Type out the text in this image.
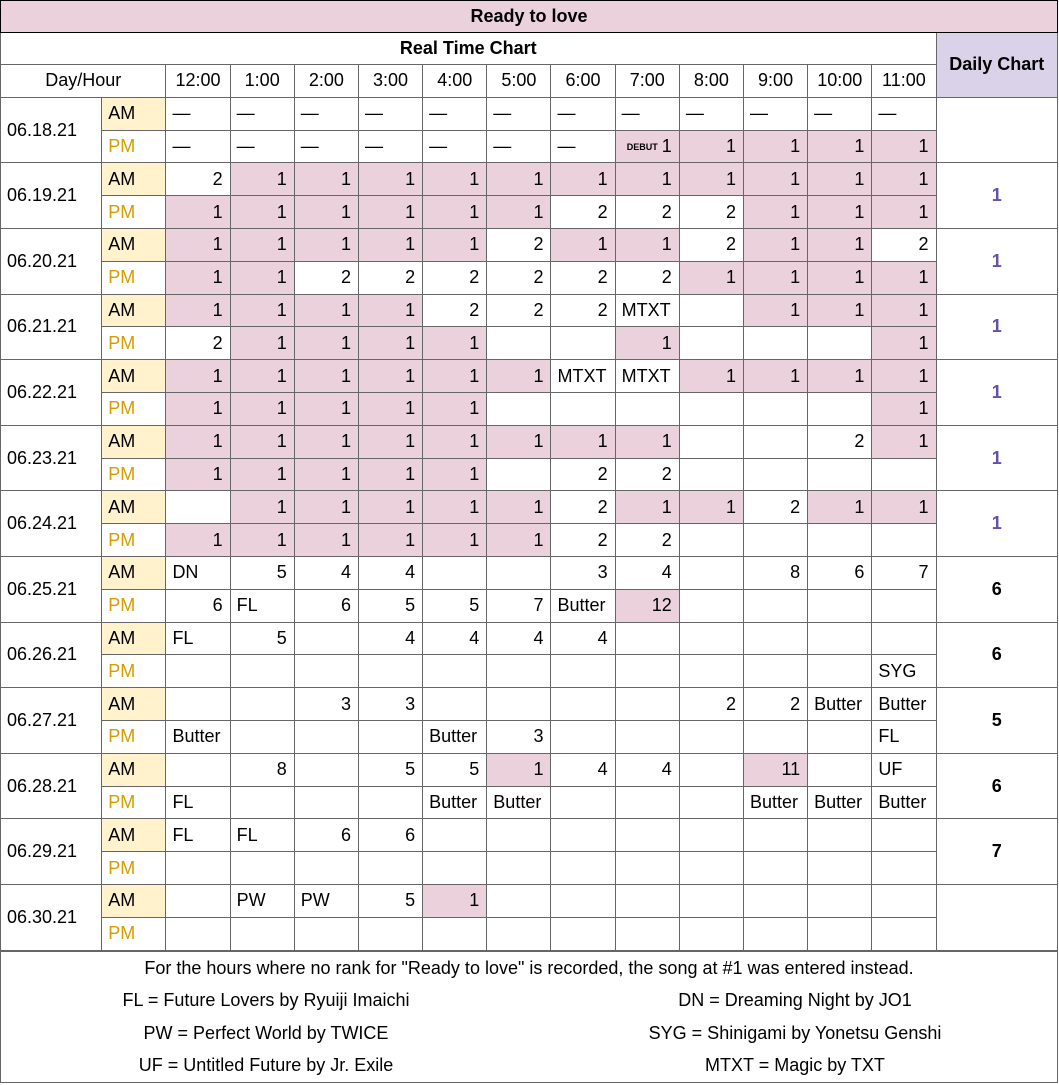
Ready to love														
Real Time Chart														Daily Chart
Day/Hour		12:00	1:00	2:00	3:00	4:00	5:00	6:00	7:00	8:00	9:00	10:00	11:00	
06.18.21	AM	—	—	—	—	—	—	—	—	—	—	—	—	
	PM	—	—	—	—	—	—	—	DEBUT 1	1	1	1	1	
06.19.21	AM	2	1	1	1	1	1	1	1	1	1	1	1	1
	PM	1	1	1	1	1	1	2	2	2	1	1	1	
06.20.21	AM	1	1	1	1	1	2	1	1	2	1	1	2	1
	PM	1	1	2	2	2	2	2	2	1	1	1	1	
06.21.21	AM	1	1	1	1	2	2	2	MTXT		1	1	1	1
	PM	2	1	1	1	1			1				1	
06.22.21	AM	1	1	1	1	1	1	MTXT	MTXT	1	1	1	1	1
	PM	1	1	1	1	1							1	
06.23.21	AM	1	1	1	1	1	1	1	1			2	1	1
	PM	1	1	1	1	1		2	2					
06.24.21	AM		1	1	1	1	1	2	1	1	2	1	1	1
	PM	1	1	1	1	1	1	2	2					
06.25.21	AM	DN	5	4	4			3	4		8	6	7	6
	PM	6	FL	6	5	5	7	Butter	12					
06.26.21	AM	FL	5		4	4	4	4						6
	PM												SYG	
06.27.21	AM			3	3					2	2	Butter	Butter	5
	PM	Butter				Butter	3						FL	
06.28.21	AM		8		5	5	1	4	4		11		UF	6
	PM	FL				Butter	Butter				Butter	Butter	Butter	
06.29.21	AM	FL	FL	6	6									7
	PM													
06.30.21	AM		PW	PW	5	1								
	PM													
For the hours where no rank for "Ready to love" is recorded, the song at #1 was entered instead.
FL = Future Lovers by Ryuiji Imaichi	DN = Dreaming Night by JO1
PW = Perfect World by TWICE	SYG = Shinigami by Yonetsu Genshi
UF = Untitled Future by Jr. Exile	MTXT = Magic by TXT
